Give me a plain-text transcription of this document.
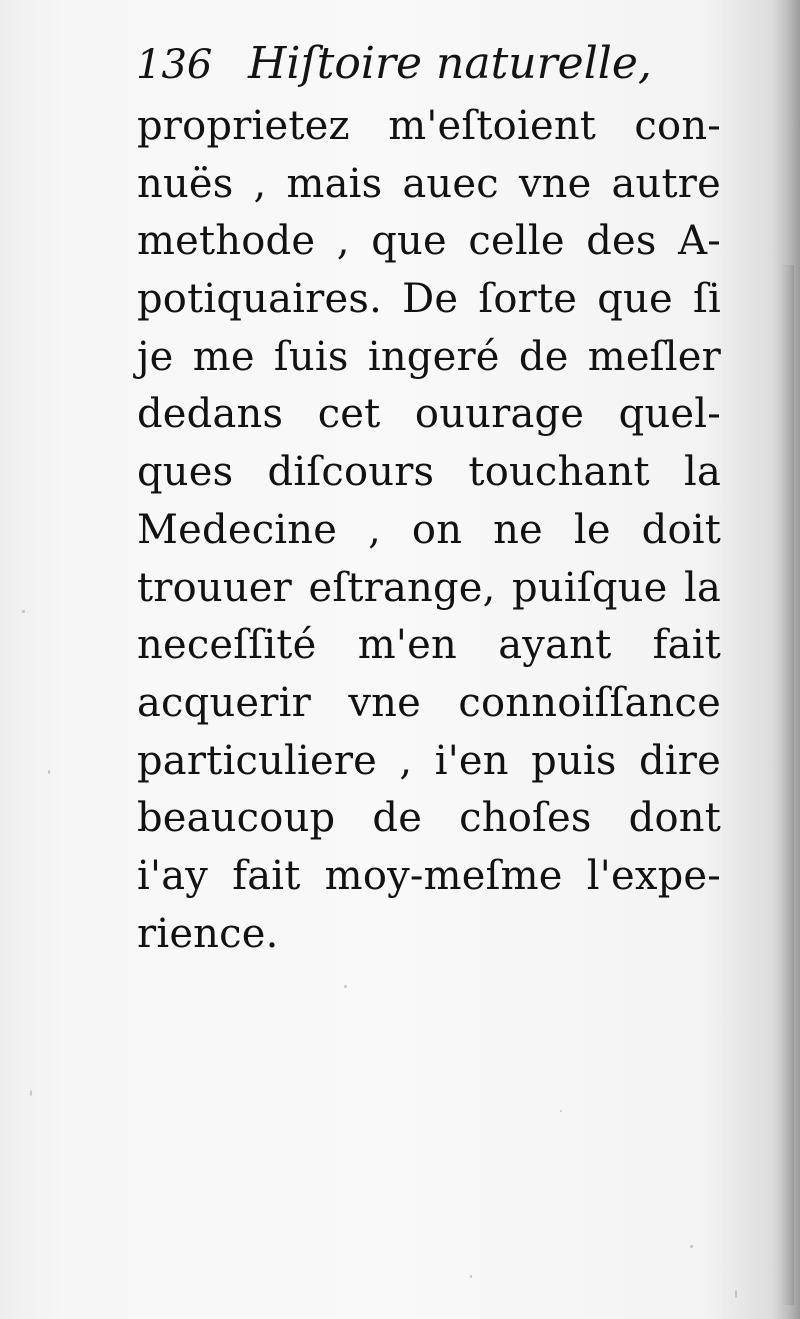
136 Hiſtoire naturelle,
proprietez m'eſtoient con-
nuës , mais auec vne autre
methode , que celle des A-
potiquaires. De ſorte que ſi
je me ſuis ingeré de meſler
dedans cet ouurage quel-
ques diſcours touchant la
Medecine , on ne le doit
trouuer eſtrange, puiſque la
neceſſité m'en ayant fait
acquerir vne connoiſſance
particuliere , i'en puis dire
beaucoup de choſes dont
i'ay fait moy-meſme l'expe-
rience.
